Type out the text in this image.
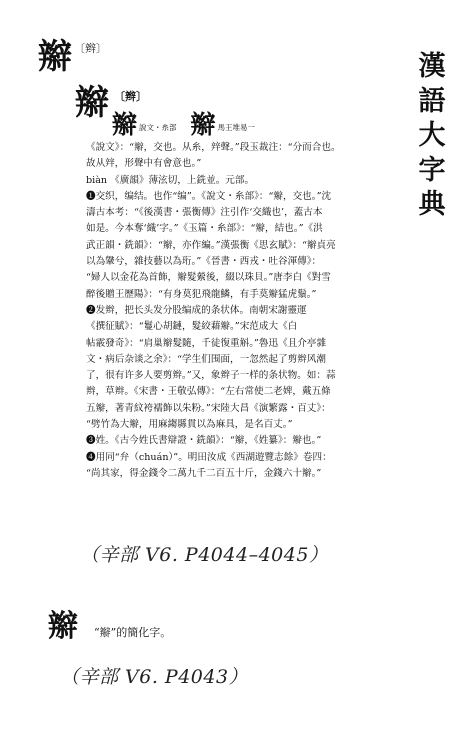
辮 〔辫〕
漢
語
大
字
典
辮 〔辫〕
辮 說文・糸部 辮 馬王堆易一

《說文》：“辮，交也。从糸，辡聲。”段玉裁注：“分而合也。

故从辡，形聲中有會意也。”

biàn 《廣韻》薄泫切，上銑並。元部。

❶交织，编结。也作“编”。《說文・糸部》：“辮，交也。”沈

濤古本考：“《後漢書・張衡傳》注引作‘交織也’，蓋古本

如是。今本奪‘織’字。”《玉篇・糸部》：“辮，結也。”《洪

武正韻・銑韻》：“辮，亦作編。”漢張衡《思玄賦》：“辮貞亮

以為鞶兮，雜技藝以為珩。”《晉書・西戎・吐谷渾傳》：

“婦人以金花為首飾，辮髮縈後，綴以珠貝。”唐李白《對雪

醉後贈王歷陽》：“有身莫犯飛龍鱗，有手莫辮猛虎鬚。”

❷发辫，把长头发分股编成的条状体。南朝宋謝靈運

《撰征賦》：“鬘心胡鏈，髮絞藉辮。”宋范成大《白

帖霰發奇》：“肩巢辮髮隨，千徒復重斛。”魯迅《且介亭雜

文・病后杂谈之余》：“学生们围面，一忽然起了剪辫风潮

了，很有许多人要剪辫。”又，象辫子一样的条状物。如：蒜

辫，草辫。《宋書・王敬弘傳》：“左右常使二老婢，戴五條

五辮，著青紋袴襦飾以朱粉。”宋陸大昌《演繁露・百丈》：

“劈竹為大辮，用麻縐縣貫以為麻具，是名百丈。”

❸姓。《古今姓氏書辯證・銑韻》：“辮，《姓纂》：辮也。”

❹用同“弁（chuán）”。明田汝成《西湖遊覽志餘》卷四：

“尚其家，得金錢令二萬九千二百五十斤，金錢六十辮。”

（辛部 V6. P4044–4045）
辮 “辮”的簡化字。
（辛部 V6. P4043）
